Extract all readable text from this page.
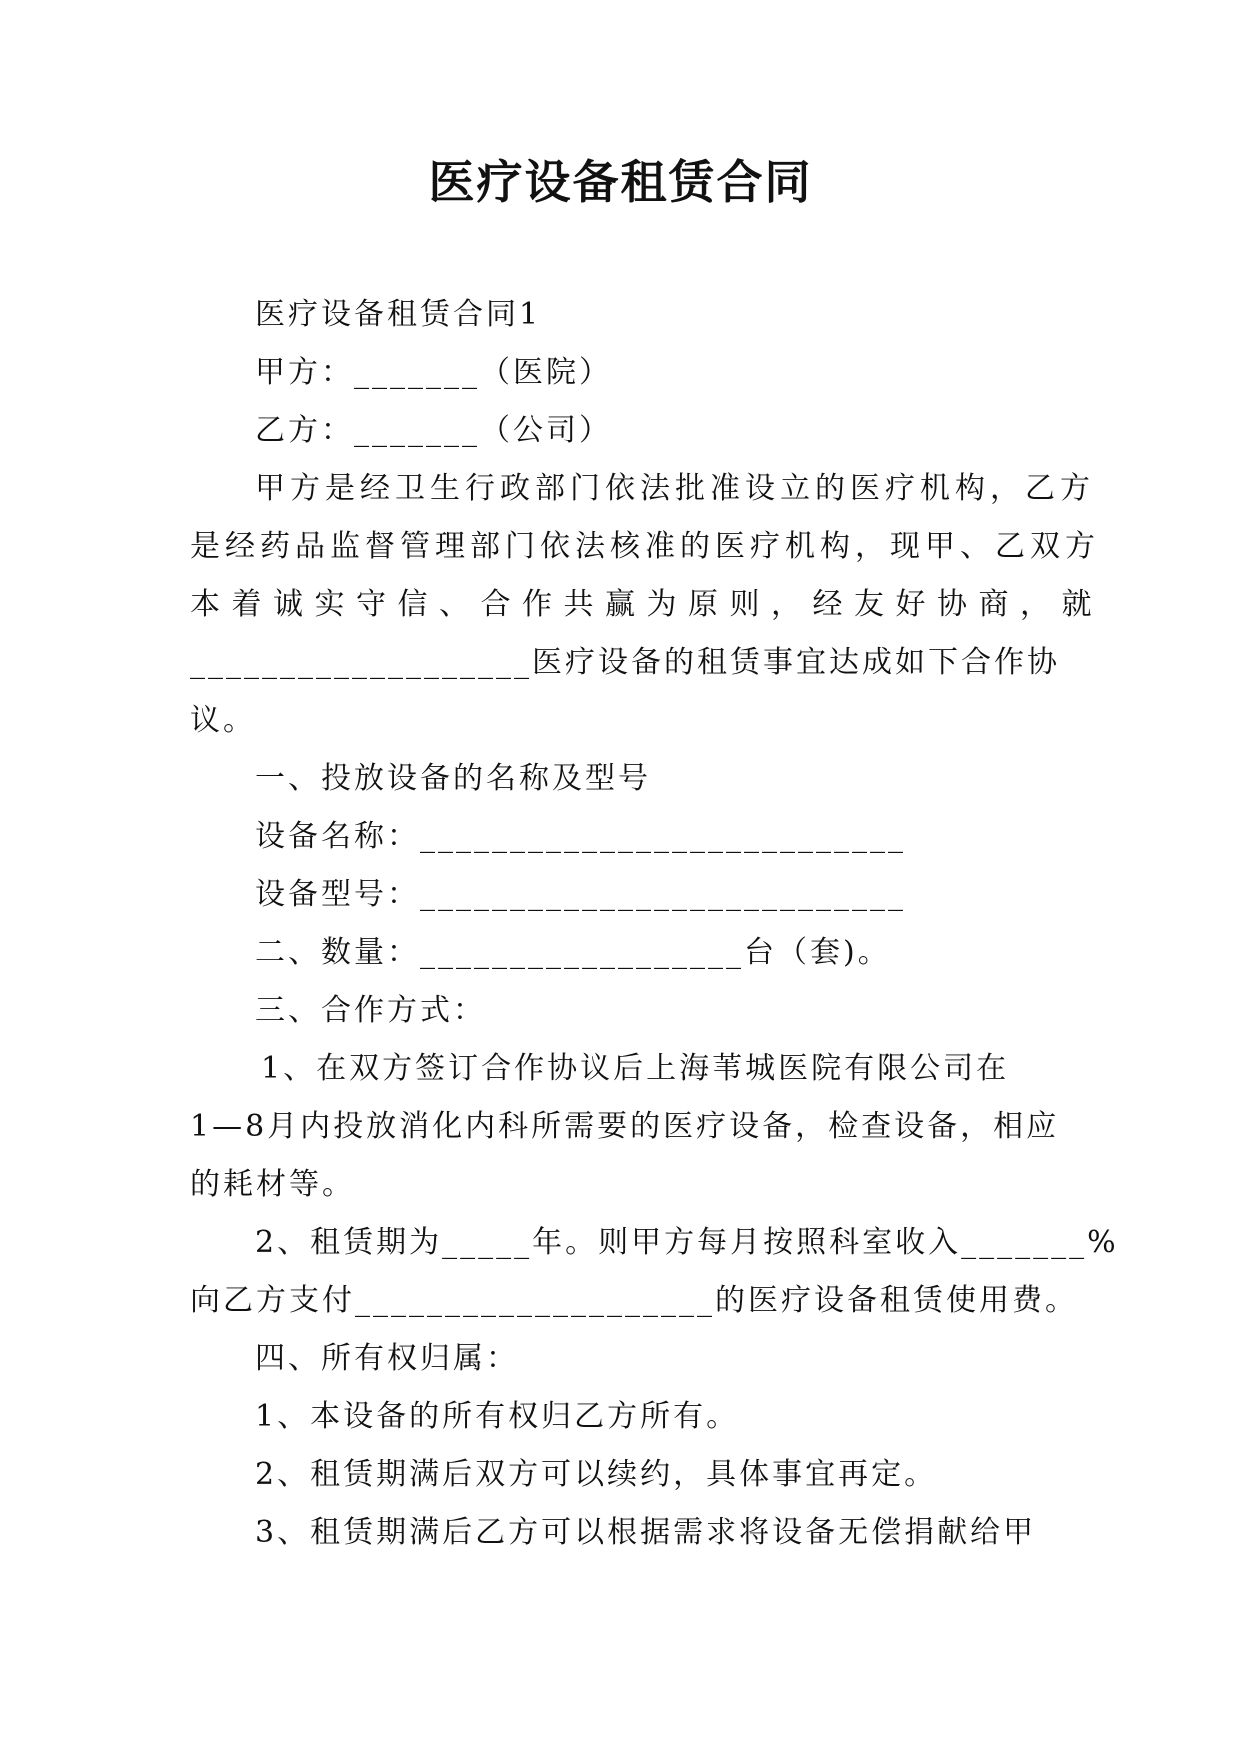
医疗设备租赁合同
医疗设备租赁合同1
甲方：_______（医院）
乙方：_______（公司）
甲方是经卫生行政部门依法批准设立的医疗机构，乙方
是经药品监督管理部门依法核准的医疗机构，现甲、乙双方
本着诚实守信、合作共赢为原则，经友好协商，就
___________________医疗设备的租赁事宜达成如下合作协
议。
一、投放设备的名称及型号
设备名称：___________________________
设备型号：___________________________
二、数量：__________________台（套)。
三、合作方式：
1、在双方签订合作协议后上海苇城医院有限公司在
1—8月内投放消化内科所需要的医疗设备，检查设备，相应
的耗材等。
2、租赁期为_____年。则甲方每月按照科室收入_______%
向乙方支付____________________的医疗设备租赁使用费。
四、所有权归属：
1、本设备的所有权归乙方所有。
2、租赁期满后双方可以续约，具体事宜再定。
3、租赁期满后乙方可以根据需求将设备无偿捐献给甲
